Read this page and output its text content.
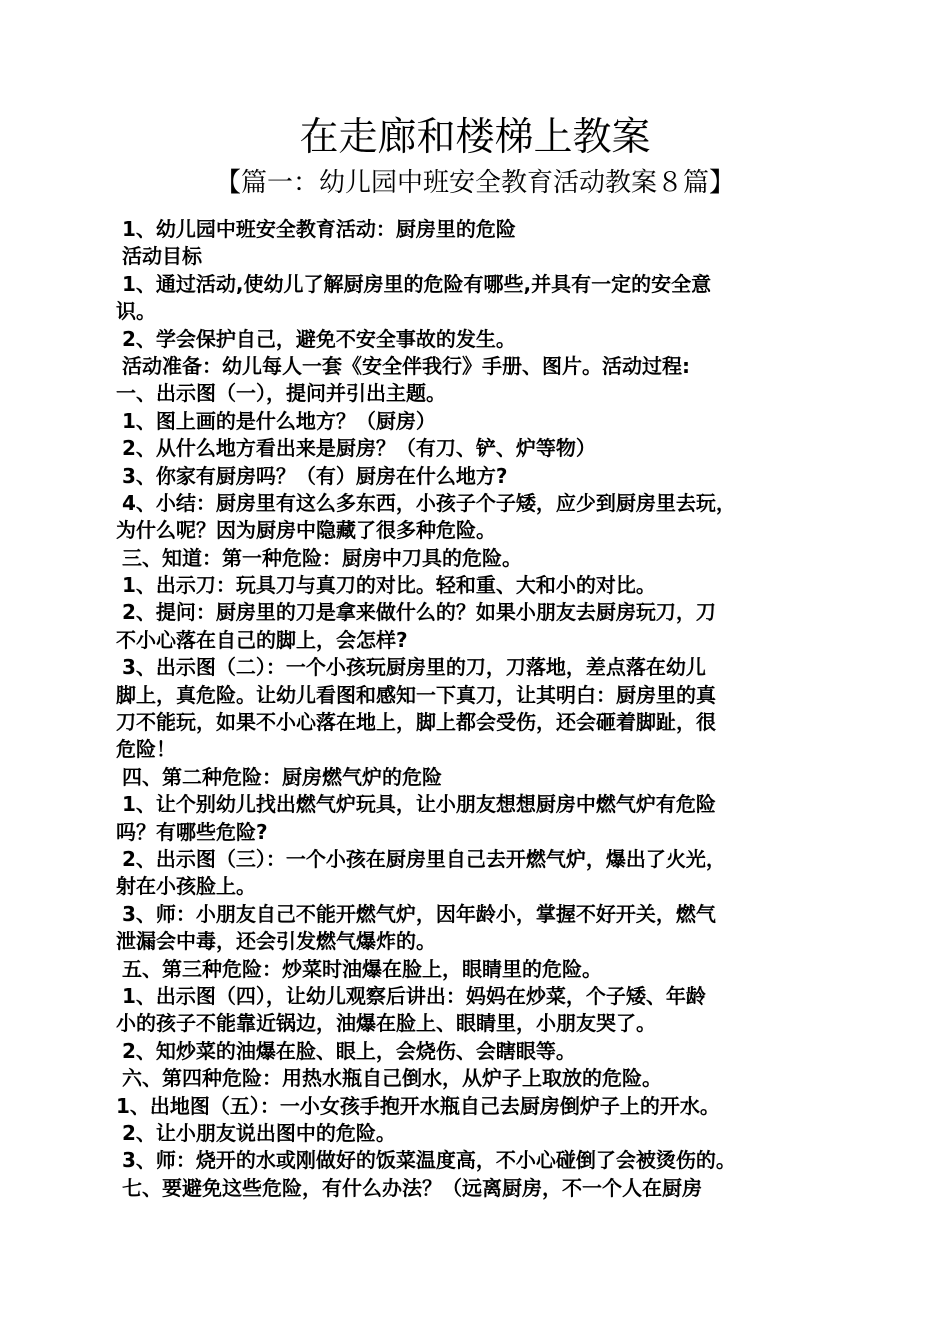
在走廊和楼梯上教案
【篇一：幼儿园中班安全教育活动教案８篇】
1、幼儿园中班安全教育活动：厨房里的危险
活动目标
1、通过活动,使幼儿了解厨房里的危险有哪些,并具有一定的安全意
识。
2、学会保护自己，避免不安全事故的发生。
活动准备：幼儿每人一套《安全伴我行》手册、图片。活动过程:
一、出示图（一），提问并引出主题。
1、图上画的是什么地方？（厨房）
2、从什么地方看出来是厨房？（有刀、铲、炉等物）
3、你家有厨房吗？（有）厨房在什么地方?
4、小结：厨房里有这么多东西，小孩子个子矮，应少到厨房里去玩，
为什么呢？因为厨房中隐藏了很多种危险。
三、知道：第一种危险：厨房中刀具的危险。
1、出示刀：玩具刀与真刀的对比。轻和重、大和小的对比。
2、提问：厨房里的刀是拿来做什么的？如果小朋友去厨房玩刀，刀
不小心落在自己的脚上，会怎样?
3、出示图（二）：一个小孩玩厨房里的刀，刀落地，差点落在幼儿
脚上，真危险。让幼儿看图和感知一下真刀，让其明白：厨房里的真
刀不能玩，如果不小心落在地上，脚上都会受伤，还会砸着脚趾，很
危险！
四、第二种危险：厨房燃气炉的危险
1、让个别幼儿找出燃气炉玩具，让小朋友想想厨房中燃气炉有危险
吗？有哪些危险?
2、出示图（三）：一个小孩在厨房里自己去开燃气炉，爆出了火光，
射在小孩脸上。
3、师：小朋友自己不能开燃气炉，因年龄小，掌握不好开关，燃气
泄漏会中毒，还会引发燃气爆炸的。
五、第三种危险：炒菜时油爆在脸上，眼睛里的危险。
1、出示图（四），让幼儿观察后讲出：妈妈在炒菜，个子矮、年龄
小的孩子不能靠近锅边，油爆在脸上、眼睛里，小朋友哭了。
2、知炒菜的油爆在脸、眼上，会烧伤、会瞎眼等。
六、第四种危险：用热水瓶自己倒水，从炉子上取放的危险。
1、出地图（五）：一小女孩手抱开水瓶自己去厨房倒炉子上的开水。
2、让小朋友说出图中的危险。
3、师：烧开的水或刚做好的饭菜温度高，不小心碰倒了会被烫伤的。
七、要避免这些危险，有什么办法？（远离厨房，不一个人在厨房
